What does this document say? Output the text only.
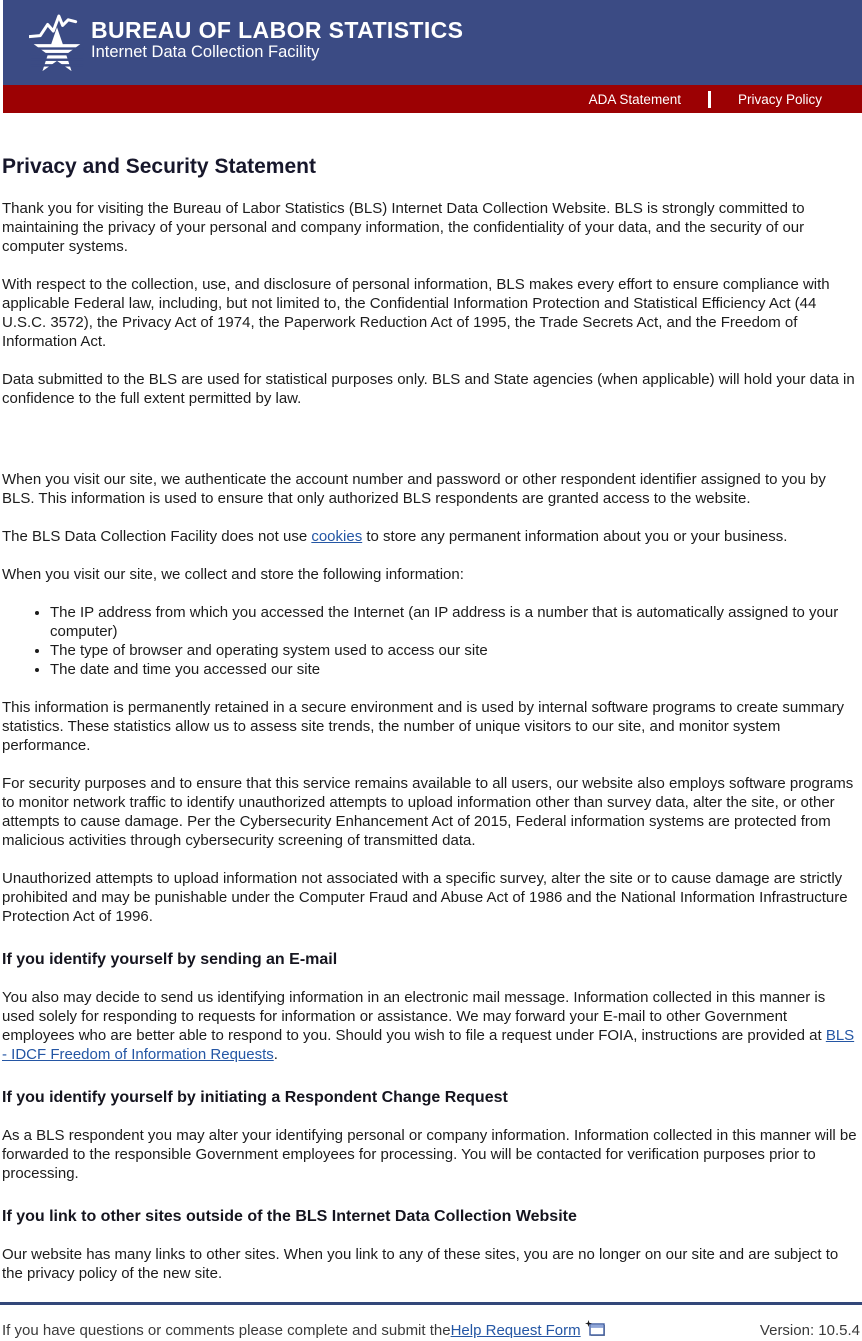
BUREAU OF LABOR STATISTICS
Internet Data Collection Facility
ADA Statement	Privacy Policy
Privacy and Security Statement

Thank you for visiting the Bureau of Labor Statistics (BLS) Internet Data Collection Website. BLS is strongly committed to maintaining the privacy of your personal and company information, the confidentiality of your data, and the security of our computer systems.

With respect to the collection, use, and disclosure of personal information, BLS makes every effort to ensure compliance with applicable Federal law, including, but not limited to, the Confidential Information Protection and Statistical Efficiency Act (44 U.S.C. 3572), the Privacy Act of 1974, the Paperwork Reduction Act of 1995, the Trade Secrets Act, and the Freedom of Information Act.

Data submitted to the BLS are used for statistical purposes only. BLS and State agencies (when applicable) will hold your data in confidence to the full extent permitted by law.

When you visit our site, we authenticate the account number and password or other respondent identifier assigned to you by BLS. This information is used to ensure that only authorized BLS respondents are granted access to the website.

The BLS Data Collection Facility does not use cookies to store any permanent information about you or your business.

When you visit our site, we collect and store the following information:

• The IP address from which you accessed the Internet (an IP address is a number that is automatically assigned to your computer)
• The type of browser and operating system used to access our site
• The date and time you accessed our site

This information is permanently retained in a secure environment and is used by internal software programs to create summary statistics. These statistics allow us to assess site trends, the number of unique visitors to our site, and monitor system performance.

For security purposes and to ensure that this service remains available to all users, our website also employs software programs to monitor network traffic to identify unauthorized attempts to upload information other than survey data, alter the site, or other attempts to cause damage. Per the Cybersecurity Enhancement Act of 2015, Federal information systems are protected from malicious activities through cybersecurity screening of transmitted data.

Unauthorized attempts to upload information not associated with a specific survey, alter the site or to cause damage are strictly prohibited and may be punishable under the Computer Fraud and Abuse Act of 1986 and the National Information Infrastructure Protection Act of 1996.

If you identify yourself by sending an E-mail

You also may decide to send us identifying information in an electronic mail message. Information collected in this manner is used solely for responding to requests for information or assistance. We may forward your E-mail to other Government employees who are better able to respond to you. Should you wish to file a request under FOIA, instructions are provided at BLS - IDCF Freedom of Information Requests.

If you identify yourself by initiating a Respondent Change Request

As a BLS respondent you may alter your identifying personal or company information. Information collected in this manner will be forwarded to the responsible Government employees for processing. You will be contacted for verification purposes prior to processing.

If you link to other sites outside of the BLS Internet Data Collection Website

Our website has many links to other sites. When you link to any of these sites, you are no longer on our site and are subject to the privacy policy of the new site.

If you have questions or comments please complete and submit the Help Request Form	Version: 10.5.4
